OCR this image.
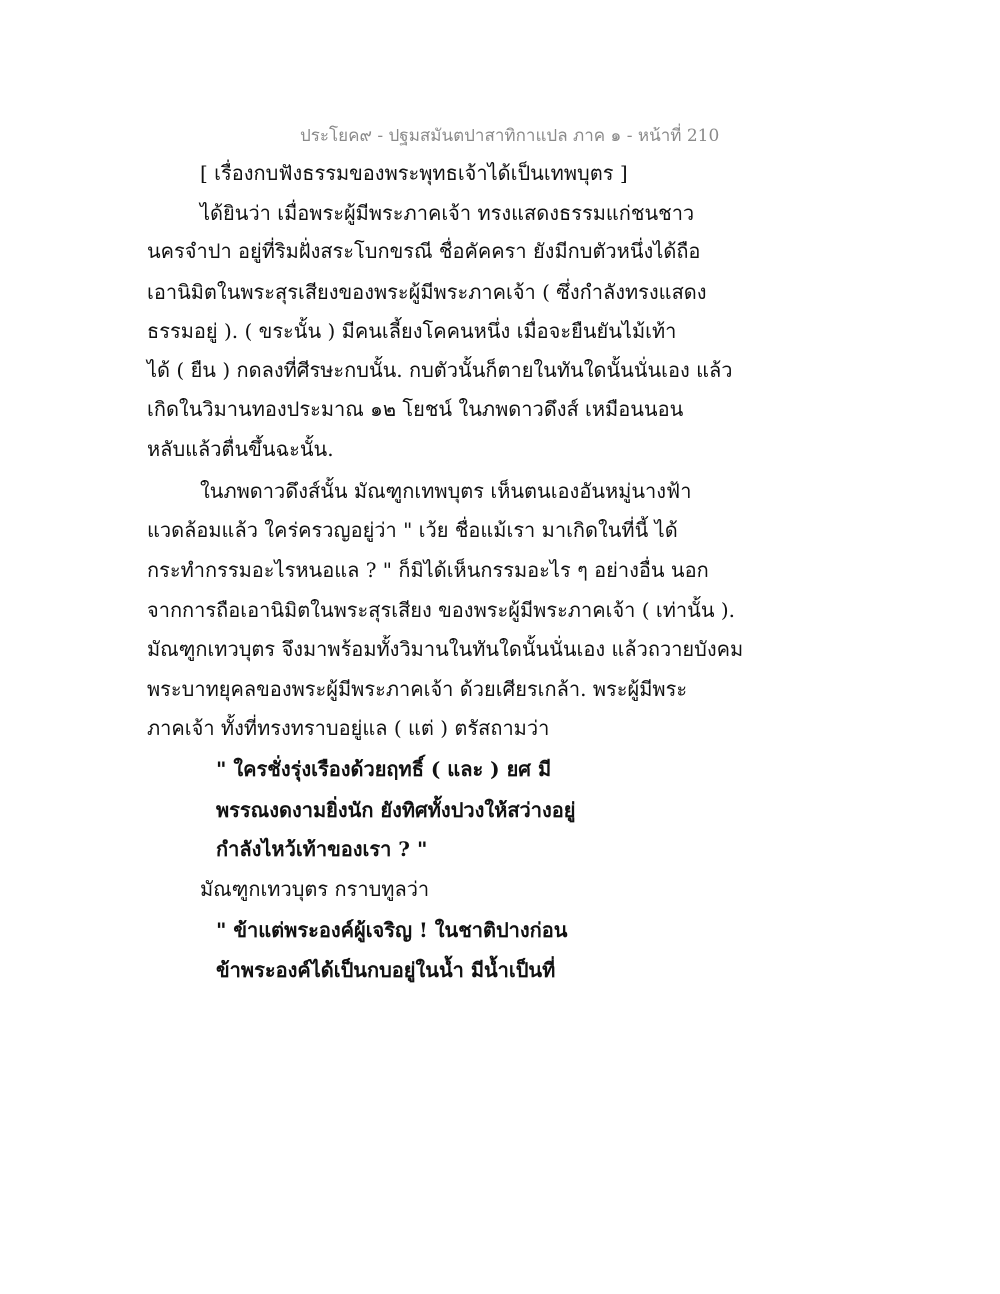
ประโยค๙ - ปฐมสมันตปาสาทิกาแปล ภาค ๑ - หน้าที่ 210
[ เรื่องกบฟังธรรมของพระพุทธเจ้าได้เป็นเทพบุตร ]
ได้ยินว่า เมื่อพระผู้มีพระภาคเจ้า ทรงแสดงธรรมแก่ชนชาว
นครจำปา อยู่ที่ริมฝั่งสระโบกขรณี ชื่อคัคครา ยังมีกบตัวหนึ่งได้ถือ
เอานิมิตในพระสุรเสียงของพระผู้มีพระภาคเจ้า ( ซึ่งกำลังทรงแสดง
ธรรมอยู่ ). ( ขระนั้น ) มีคนเลี้ยงโคคนหนึ่ง เมื่อจะยืนยันไม้เท้า
ได้ ( ยืน ) กดลงที่ศีรษะกบนั้น. กบตัวนั้นก็ตายในทันใดนั้นนั่นเอง แล้ว
เกิดในวิมานทองประมาณ ๑๒ โยชน์ ในภพดาวดึงส์ เหมือนนอน
หลับแล้วตื่นขึ้นฉะนั้น.
ในภพดาวดึงส์นั้น มัณฑูกเทพบุตร เห็นตนเองอันหมู่นางฟ้า
แวดล้อมแล้ว ใคร่ครวญอยู่ว่า " เว้ย ชื่อแม้เรา มาเกิดในที่นี้ ได้
กระทำกรรมอะไรหนอแล ? " ก็มิได้เห็นกรรมอะไร ๆ อย่างอื่น นอก
จากการถือเอานิมิตในพระสุรเสียง ของพระผู้มีพระภาคเจ้า ( เท่านั้น ).
มัณฑูกเทวบุตร จึงมาพร้อมทั้งวิมานในทันใดนั้นนั่นเอง แล้วถวายบังคม
พระบาทยุคลของพระผู้มีพระภาคเจ้า ด้วยเศียรเกล้า. พระผู้มีพระ
ภาคเจ้า ทั้งที่ทรงทราบอยู่แล ( แต่ ) ตรัสถามว่า
" ใครชั่งรุ่งเรืองด้วยฤทธิ์ ( และ ) ยศ มี
พรรณงดงามยิ่งนัก ยังทิศทั้งปวงให้สว่างอยู่
กำลังไหว้เท้าของเรา ? "
มัณฑูกเทวบุตร กราบทูลว่า
" ข้าแต่พระองค์ผู้เจริญ ! ในชาติปางก่อน
ข้าพระองค์ได้เป็นกบอยู่ในน้ำ มีน้ำเป็นที่
